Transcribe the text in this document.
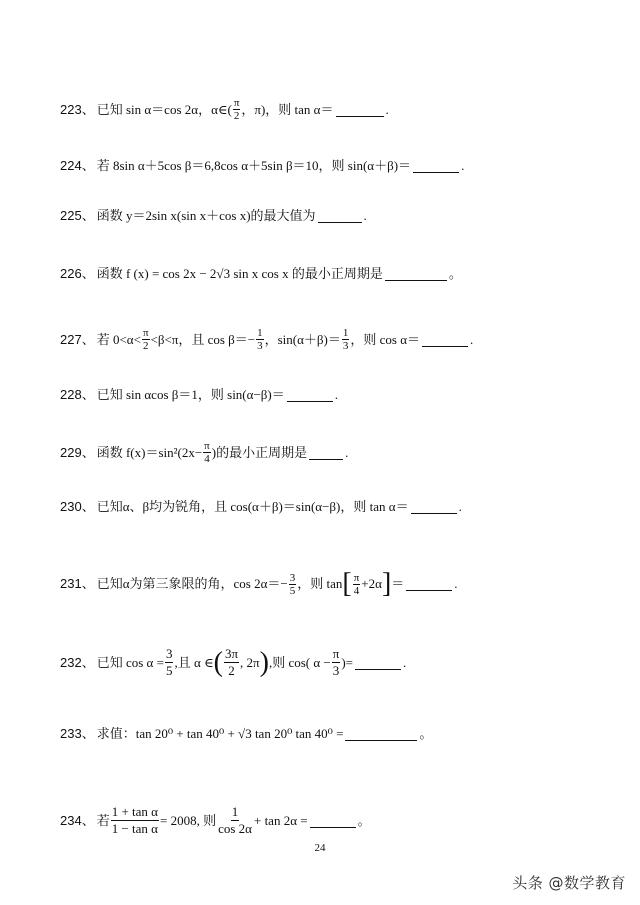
223、 已知 sin α＝cos 2α，α∈( $\frac{\pi}{2}$ ，π)，则 tan α＝	.
224、 若 8sin α＋5cos β＝6,8cos α＋5sin β＝10，则 sin(α＋β)＝	.
225、 函数 y＝2sin x(sin x＋cos x)的最大值为	.
226、 函数 f (x) = cos 2x − 2√3 sin x cos x 的最小正周期是	。
227、 若 $0<\alpha< \frac{\pi}{2} <\beta<\pi$，且 $\cos \beta=- \frac{1}{3}$ ，$\sin(\alpha+\beta)= \frac{1}{3}$ ，则 cos α＝	.
228、 已知 sin αcos β＝1，则 sin(α−β)＝	.
229、 函数 $f(x)=\sin^2(2x- \frac{\pi}{4}$ )的最小正周期是	.
230、 已知α、β均为锐角，且 cos(α＋β)＝sin(α−β)，则 tan α＝	.
231、 已知α为第三象限的角，$\cos 2\alpha=- \frac{3}{5}$ ，则 tan [ $\frac{\pi}{4} +2\alpha$ ] ＝	.
232、 已知 $\cos \alpha = \frac{3}{5}$ ,且 α ∈ ( $\frac{3\pi}{2}$ , 2π ) ,则 cos( $\alpha - \frac{\pi}{3}$ )=	.
233、 求值：tan 20⁰ + tan 40⁰ + √3 tan 20⁰ tan 40⁰ =	。
234、 若 $\frac{\text{1 + tan α}}{\text{1 − tan α}} = 2008$, 则 $\frac{1}{\cos 2\alpha} + \tan 2\alpha$ =	。
24
头条 @数学教育
